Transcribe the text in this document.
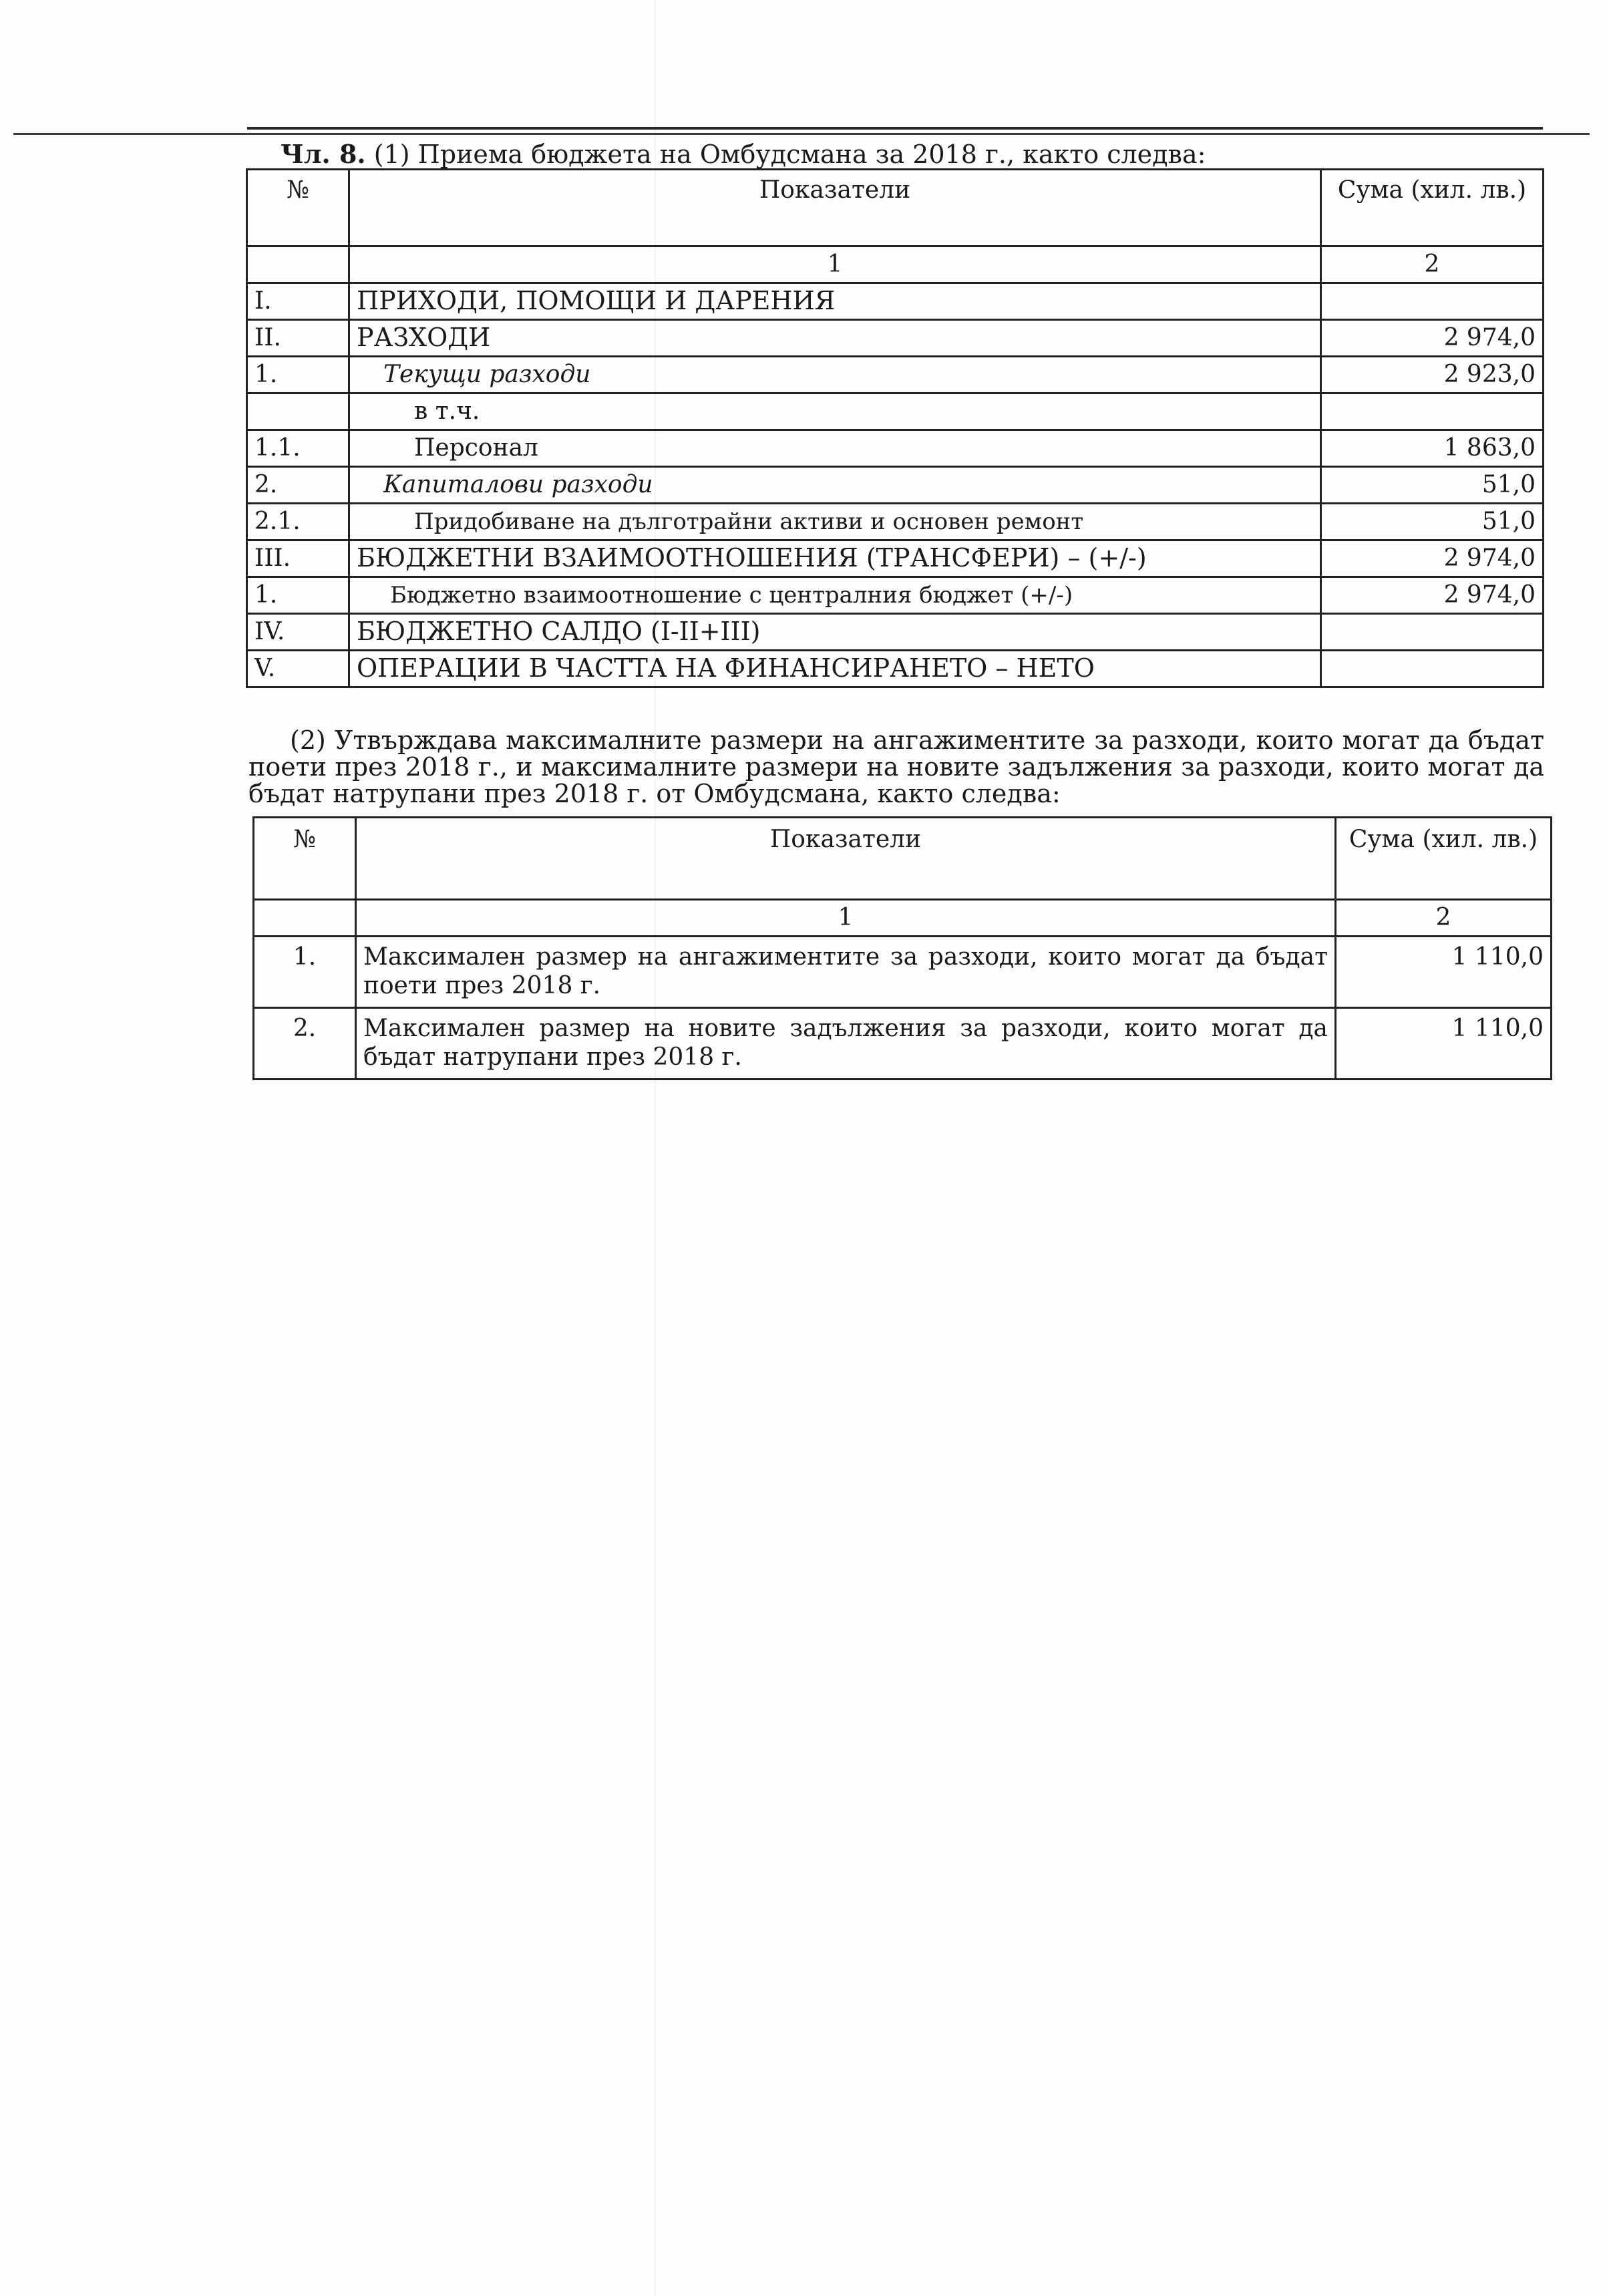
Чл. 8. (1) Приема бюджета на Омбудсмана за 2018 г., както следва:
№	Показатели	Сума (хил. лв.)
	1	2
I.	ПРИХОДИ, ПОМОЩИ И ДАРЕНИЯ	
II.	РАЗХОДИ	2 974,0
1.	Текущи разходи	2 923,0
	в т.ч.	
1.1.	Персонал	1 863,0
2.	Капиталови разходи	51,0
2.1.	Придобиване на дълготрайни активи и основен ремонт	51,0
III.	БЮДЖЕТНИ ВЗАИМООТНОШЕНИЯ (ТРАНСФЕРИ) – (+/-)	2 974,0
1.	Бюджетно взаимоотношение с централния бюджет (+/-)	2 974,0
IV.	БЮДЖЕТНО САЛДО (I-II+III)	
V.	ОПЕРАЦИИ В ЧАСТТА НА ФИНАНСИРАНЕТО – НЕТО	

(2) Утвърждава максималните размери на ангажиментите за разходи, които могат да бъдат поети през 2018 г., и максималните размери на новите задължения за разходи, които могат да бъдат натрупани през 2018 г. от Омбудсмана, както следва:

№	Показатели	Сума (хил. лв.)
	1	2
1.	Максимален размер на ангажиментите за разходи, които могат да бъдат поети през 2018 г.	1 110,0
2.	Максимален размер на новите задължения за разходи, които могат да бъдат натрупани през 2018 г.	1 110,0
